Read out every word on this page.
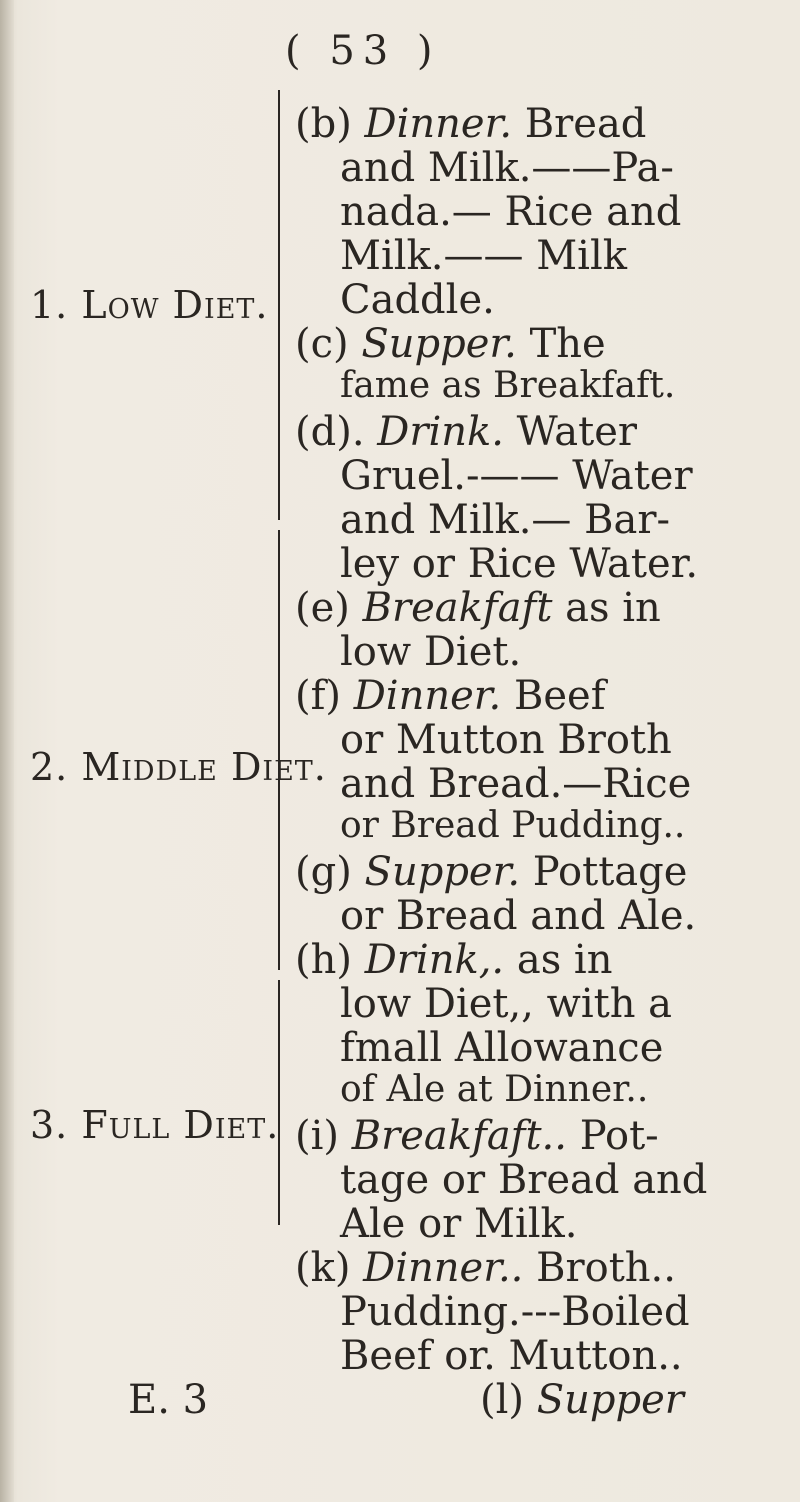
( 53 )
1. Low Diet.
2. Middle Diet.
3. Full Diet.
(b) Dinner. Bread
and Milk.——Pa-
nada.— Rice and
Milk.—— Milk
Caddle.
(c) Supper. The
fame as Breakfaft.
(d). Drink. Water
Gruel.-—— Water
and Milk.— Bar-
ley or Rice Water.
(e) Breakfaft as in
low Diet.
(f) Dinner. Beef
or Mutton Broth
and Bread.—Rice
or Bread Pudding..
(g) Supper. Pottage
or Bread and Ale.
(h) Drink,. as in
low Diet,, with a
fmall Allowance
of Ale at Dinner..
(i) Breakfaft.. Pot-
tage or Bread and
Ale or Milk.
(k) Dinner.. Broth..
Pudding.---Boiled
Beef or. Mutton..
(l) Supper
E. 3
